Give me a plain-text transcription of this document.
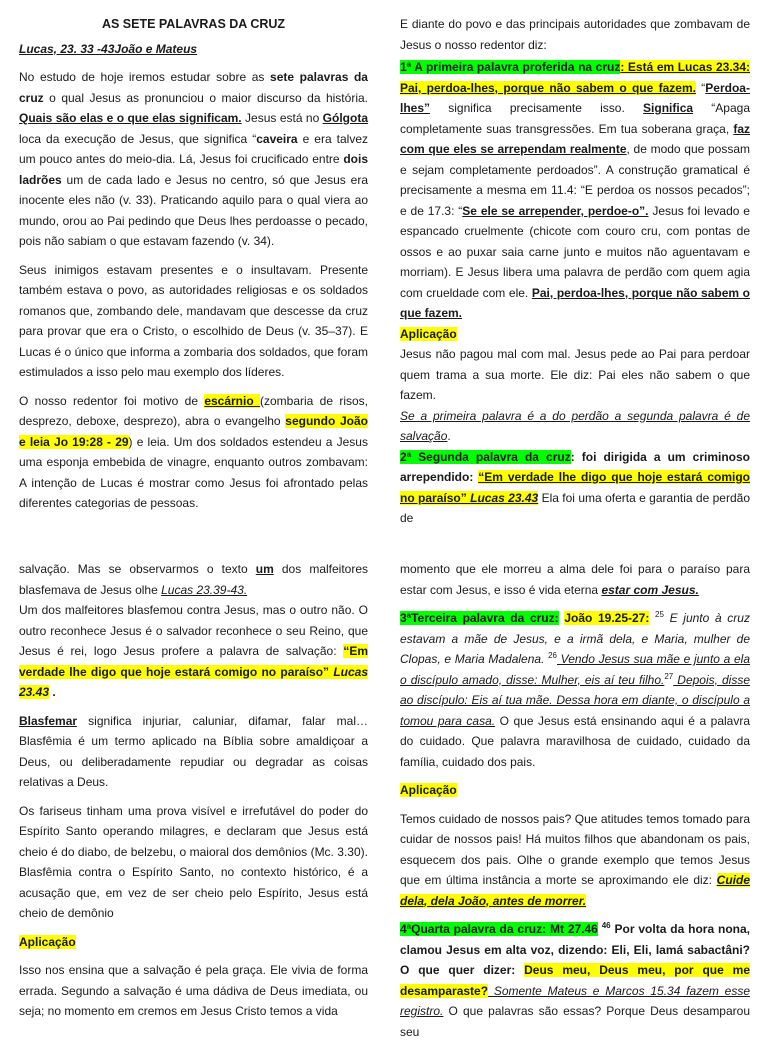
AS SETE PALAVRAS DA CRUZ

Lucas, 23. 33 -43João e Mateus

No estudo de hoje iremos estudar sobre as sete palavras da cruz o qual Jesus as pronunciou o maior discurso da história. Quais são elas e o que elas significam. Jesus está no Gólgota loca da execução de Jesus, que significa “caveira e era talvez um pouco antes do meio-dia. Lá, Jesus foi crucificado entre dois ladrões um de cada lado e Jesus no centro, só que Jesus era inocente eles não (v. 33). Praticando aquilo para o qual viera ao mundo, orou ao Pai pedindo que Deus lhes perdoasse o pecado, pois não sabiam o que estavam fazendo (v. 34).

Seus inimigos estavam presentes e o insultavam. Presente também estava o povo, as autoridades religiosas e os soldados romanos que, zombando dele, mandavam que descesse da cruz para provar que era o Cristo, o escolhido de Deus (v. 35–37). E Lucas é o único que informa a zombaria dos soldados, que foram estimulados a isso pelo mau exemplo dos líderes.

O nosso redentor foi motivo de escárnio (zombaria de risos, desprezo, deboxe, desprezo), abra o evangelho segundo João e leia Jo 19:28 - 29) e leia. Um dos soldados estendeu a Jesus uma esponja embebida de vinagre, enquanto outros zombavam: A intenção de Lucas é mostrar como Jesus foi afrontado pelas diferentes categorias de pessoas.

E diante do povo e das principais autoridades que zombavam de Jesus o nosso redentor diz:

1ª A primeira palavra proferida na cruz: Está em Lucas 23.34: Pai, perdoa-lhes, porque não sabem o que fazem. “Perdoa-lhes” significa precisamente isso. Significa “Apaga completamente suas transgressões. Em tua soberana graça, faz com que eles se arrependam realmente, de modo que possam e sejam completamente perdoados”. A construção gramatical é precisamente a mesma em 11.4: “E perdoa os nossos pecados”; e de 17.3: “Se ele se arrepender, perdoe-o”. Jesus foi levado e espancado cruelmente (chicote com couro cru, com pontas de ossos e ao puxar saia carne junto e muitos não aguentavam e morriam). E Jesus libera uma palavra de perdão com quem agia com crueldade com ele. Pai, perdoa-lhes, porque não sabem o que fazem.

Aplicação

Jesus não pagou mal com mal. Jesus pede ao Pai para perdoar quem trama a sua morte. Ele diz: Pai eles não sabem o que fazem.

Se a primeira palavra é a do perdão a segunda palavra é de salvação.

2ª Segunda palavra da cruz: foi dirigida a um criminoso arrependido: “Em verdade lhe digo que hoje estará comigo no paraíso” Lucas 23.43 Ela foi uma oferta e garantia de perdão de

salvação. Mas se observarmos o texto um dos malfeitores blasfemava de Jesus olhe Lucas 23.39-43.

Um dos malfeitores blasfemou contra Jesus, mas o outro não. O outro reconhece Jesus é o salvador reconhece o seu Reino, que Jesus é rei, logo Jesus profere a palavra de salvação: “Em verdade lhe digo que hoje estará comigo no paraíso” Lucas 23.43 .

Blasfemar significa injuriar, caluniar, difamar, falar mal… Blasfêmia é um termo aplicado na Bíblia sobre amaldiçoar a Deus, ou deliberadamente repudiar ou degradar as coisas relativas a Deus.

Os fariseus tinham uma prova visível e irrefutável do poder do Espírito Santo operando milagres, e declaram que Jesus está cheio é do diabo, de belzebu, o maioral dos demônios (Mc. 3.30). Blasfêmia contra o Espírito Santo, no contexto histórico, é a acusação que, em vez de ser cheio pelo Espírito, Jesus está cheio de demônio

Aplicação

Isso nos ensina que a salvação é pela graça. Ele vivia de forma errada. Segundo a salvação é uma dádiva de Deus imediata, ou seja; no momento em cremos em Jesus Cristo temos a vida

momento que ele morreu a alma dele foi para o paraíso para estar com Jesus, e isso é vida eterna estar com Jesus.

3ªTerceira palavra da cruz: João 19.25-27: $^{25}$ E junto à cruz estavam a mãe de Jesus, e a irmã dela, e Maria, mulher de Clopas, e Maria Madalena. $^{26}$ Vendo Jesus sua mãe e junto a ela o discípulo amado, disse: Mulher, eis aí teu filho.$^{27}$ Depois, disse ao discípulo: Eis aí tua mãe. Dessa hora em diante, o discípulo a tomou para casa. O que Jesus está ensinando aqui é a palavra do cuidado. Que palavra maravilhosa de cuidado, cuidado da família, cuidado dos pais.

Aplicação

Temos cuidado de nossos pais? Que atitudes temos tomado para cuidar de nossos pais! Há muitos filhos que abandonam os pais, esquecem dos pais. Olhe o grande exemplo que temos Jesus que em última instância a morte se aproximando ele diz: Cuide dela, dela João, antes de morrer.

4ªQuarta palavra da cruz: Mt 27.46 $^{46}$ Por volta da hora nona, clamou Jesus em alta voz, dizendo: Eli, Eli, lamá sabactâni? O que quer dizer: Deus meu, Deus meu, por que me desamparaste? Somente Mateus e Marcos 15.34 fazem esse registro. O que palavras são essas? Porque Deus desamparou seu
